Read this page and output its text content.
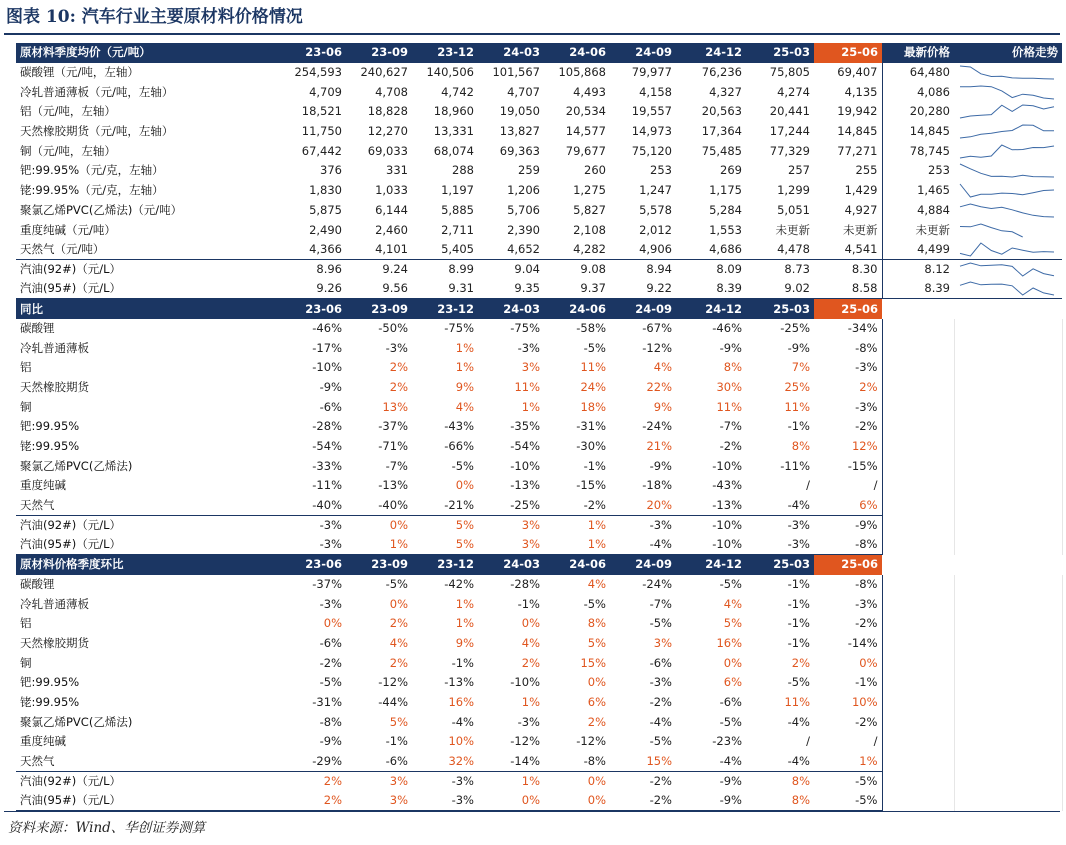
图表 10: 汽车行业主要原材料价格情况
原材料季度均价（元/吨）	23-06	23-09	23-12	24-03	24-06	24-09	24-12	25-03	25-06	最新价格	价格走势
碳酸锂（元/吨，左轴）	254,593	240,627	140,506	101,567	105,868	79,977	76,236	75,805	69,407	64,480	

冷轧普通薄板（元/吨，左轴）	4,709	4,708	4,742	4,707	4,493	4,158	4,327	4,274	4,135	4,086	

铝（元/吨，左轴）	18,521	18,828	18,960	19,050	20,534	19,557	20,563	20,441	19,942	20,280	

天然橡胶期货（元/吨，左轴）	11,750	12,270	13,331	13,827	14,577	14,973	17,364	17,244	14,845	14,845	

铜（元/吨，左轴）	67,442	69,033	68,074	69,363	79,677	75,120	75,485	77,329	77,271	78,745	

钯:99.95%（元/克，左轴）	376	331	288	259	260	253	269	257	255	253	

铑:99.95%（元/克，左轴）	1,830	1,033	1,197	1,206	1,275	1,247	1,175	1,299	1,429	1,465	

聚氯乙烯PVC(乙烯法)（元/吨）	5,875	6,144	5,885	5,706	5,827	5,578	5,284	5,051	4,927	4,884	

重度纯碱（元/吨）	2,490	2,460	2,711	2,390	2,108	2,012	1,553	未更新	未更新	未更新	

天然气（元/吨）	4,366	4,101	5,405	4,652	4,282	4,906	4,686	4,478	4,541	4,499	

汽油(92#)（元/L）	8.96	9.24	8.99	9.04	9.08	8.94	8.09	8.73	8.30	8.12	

汽油(95#)（元/L）	9.26	9.56	9.31	9.35	9.37	9.22	8.39	9.02	8.58	8.39	

同比	23-06	23-09	23-12	24-03	24-06	24-09	24-12	25-03	25-06		
碳酸锂	-46%	-50%	-75%	-75%	-58%	-67%	-46%	-25%	-34%		
冷轧普通薄板	-17%	-3%	1%	-3%	-5%	-12%	-9%	-9%	-8%		
铝	-10%	2%	1%	3%	11%	4%	8%	7%	-3%		
天然橡胶期货	-9%	2%	9%	11%	24%	22%	30%	25%	2%		
铜	-6%	13%	4%	1%	18%	9%	11%	11%	-3%		
钯:99.95%	-28%	-37%	-43%	-35%	-31%	-24%	-7%	-1%	-2%		
铑:99.95%	-54%	-71%	-66%	-54%	-30%	21%	-2%	8%	12%		
聚氯乙烯PVC(乙烯法)	-33%	-7%	-5%	-10%	-1%	-9%	-10%	-11%	-15%		
重度纯碱	-11%	-13%	0%	-13%	-15%	-18%	-43%	/	/		
天然气	-40%	-40%	-21%	-25%	-2%	20%	-13%	-4%	6%		
汽油(92#)（元/L）	-3%	0%	5%	3%	1%	-3%	-10%	-3%	-9%		
汽油(95#)（元/L）	-3%	1%	5%	3%	1%	-4%	-10%	-3%	-8%		
原材料价格季度环比	23-06	23-09	23-12	24-03	24-06	24-09	24-12	25-03	25-06		
碳酸锂	-37%	-5%	-42%	-28%	4%	-24%	-5%	-1%	-8%		
冷轧普通薄板	-3%	0%	1%	-1%	-5%	-7%	4%	-1%	-3%		
铝	0%	2%	1%	0%	8%	-5%	5%	-1%	-2%		
天然橡胶期货	-6%	4%	9%	4%	5%	3%	16%	-1%	-14%		
铜	-2%	2%	-1%	2%	15%	-6%	0%	2%	0%		
钯:99.95%	-5%	-12%	-13%	-10%	0%	-3%	6%	-5%	-1%		
铑:99.95%	-31%	-44%	16%	1%	6%	-2%	-6%	11%	10%		
聚氯乙烯PVC(乙烯法)	-8%	5%	-4%	-3%	2%	-4%	-5%	-4%	-2%		
重度纯碱	-9%	-1%	10%	-12%	-12%	-5%	-23%	/	/		
天然气	-29%	-6%	32%	-14%	-8%	15%	-4%	-4%	1%		
汽油(92#)（元/L）	2%	3%	-3%	1%	0%	-2%	-9%	8%	-5%		
汽油(95#)（元/L）	2%	3%	-3%	0%	0%	-2%	-9%	8%	-5%		
资料来源：Wind、华创证券测算
